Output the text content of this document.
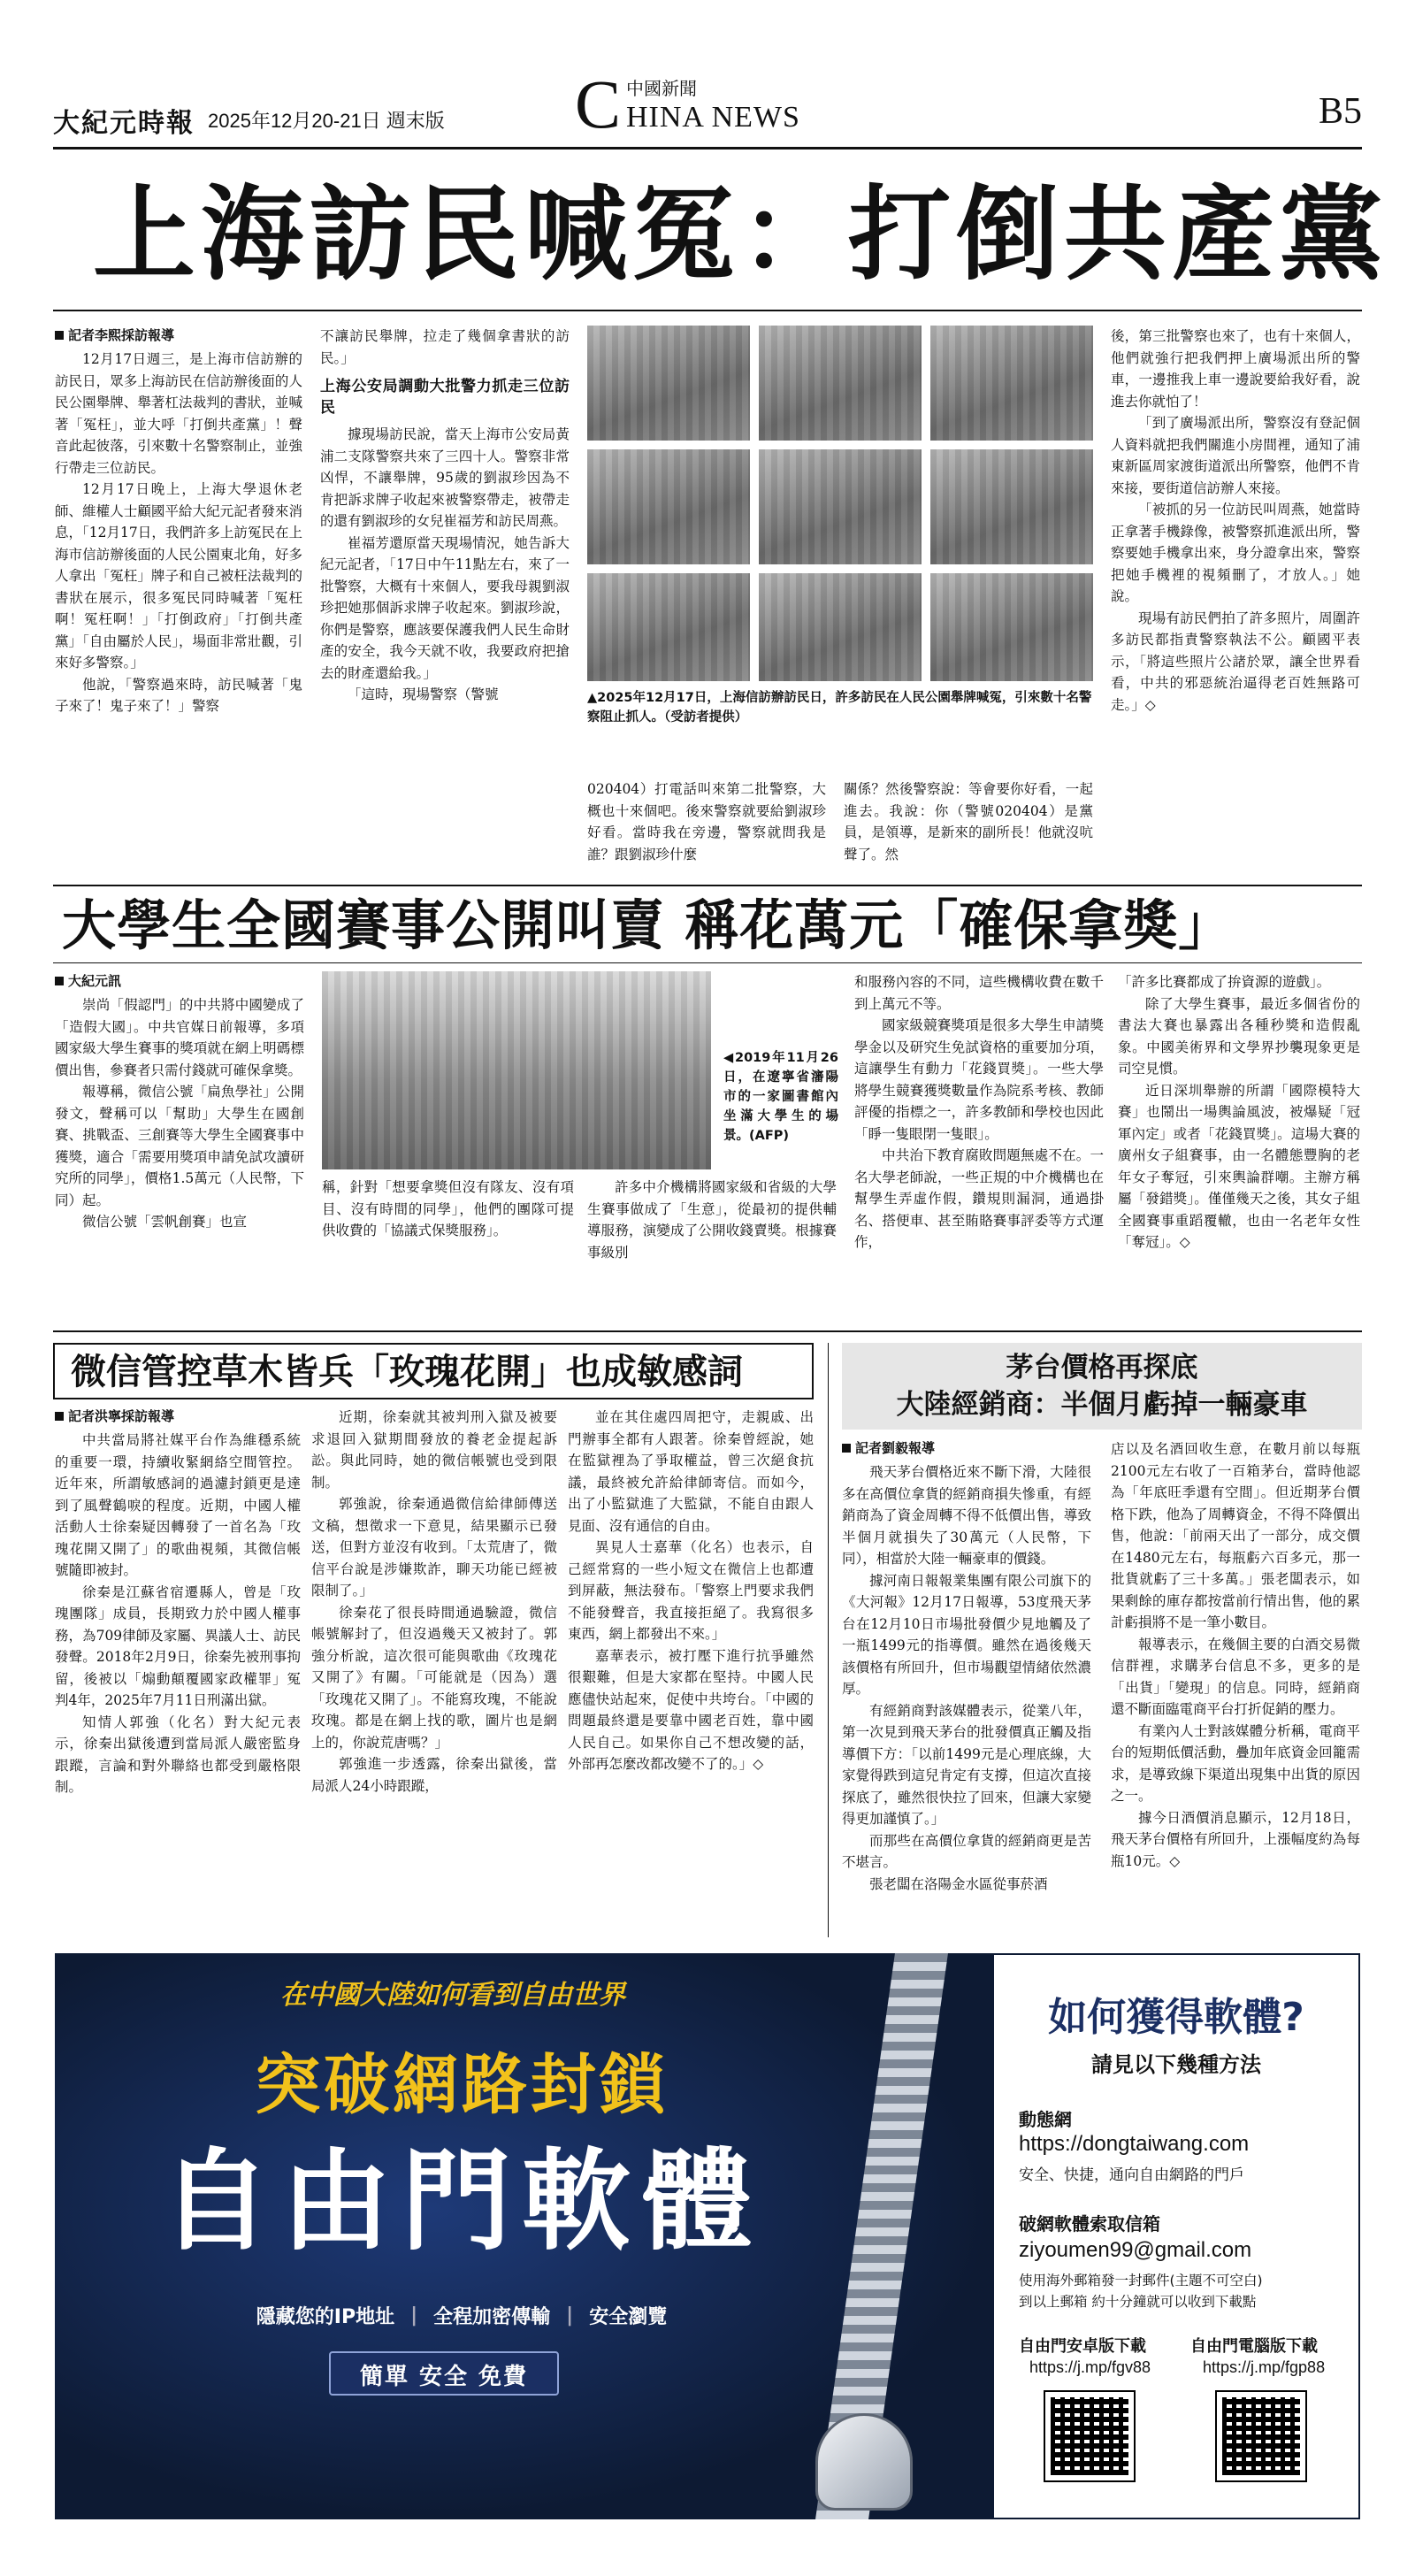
大紀元時報 2025年12月20-21日 週末版 C 中國新聞
HINA NEWS	B5
上海訪民喊冤：打倒共產黨
記者李熙採訪報導

12月17日週三，是上海市信訪辦的訪民日，眾多上海訪民在信訪辦後面的人民公園舉牌、舉著杠法裁判的書狀，並喊著「冤枉」，並大呼「打倒共產黨」！聲音此起彼落，引來數十名警察制止，並強行帶走三位訪民。

12月17日晚上，上海大學退休老師、維權人士顧國平給大紀元記者發來消息，「12月17日，我們許多上訪冤民在上海市信訪辦後面的人民公園東北角，好多人拿出「冤枉」牌子和自己被枉法裁判的書狀在展示，很多冤民同時喊著「冤枉啊！冤枉啊！」「打倒政府」「打倒共產黨」「自由屬於人民」，場面非常壯觀，引來好多警察。」

他說，「警察過來時，訪民喊著「鬼子來了！鬼子來了！」警察

不讓訪民舉牌，拉走了幾個拿書狀的訪民。」
上海公安局調動大批警力抓走三位訪民

據現場訪民說，當天上海市公安局黃浦二支隊警察共來了三四十人。警察非常凶悍，不讓舉牌，95歲的劉淑珍因為不肯把訴求牌子收起來被警察帶走，被帶走的還有劉淑珍的女兒崔福芳和訪民周燕。

崔福芳還原當天現場情況，她告訴大紀元記者，「17日中午11點左右，來了一批警察，大概有十來個人，要我母親劉淑珍把她那個訴求牌子收起來。劉淑珍說，你們是警察，應該要保護我們人民生命財產的安全，我今天就不收，我要政府把搶去的財產還給我。」

「這時，現場警察（警號	▲2025年12月17日，上海信訪辦訪民日，許多訪民在人民公園舉牌喊冤，引來數十名警察阻止抓人。（受訪者提供）
020404）打電話叫來第二批警察，大概也十來個吧。後來警察就要給劉淑珍好看。當時我在旁邊，警察就問我是誰？跟劉淑珍什麼
關係？然後警察說：等會要你好看，一起進去。我說：你（警號020404）是黨員，是領導，是新來的副所長！他就沒吭聲了。然
後，第三批警察也來了，也有十來個人，他們就強行把我們押上廣場派出所的警車，一邊推我上車一邊說要給我好看，說進去你就怕了！

「到了廣場派出所，警察沒有登記個人資料就把我們關進小房間裡，通知了浦東新區周家渡街道派出所警察，他們不肯來接，要街道信訪辦人來接。

「被抓的另一位訪民叫周燕，她當時正拿著手機錄像，被警察抓進派出所，警察要她手機拿出來，身分證拿出來，警察把她手機裡的視頻刪了，才放人。」她說。

現場有訪民們拍了許多照片，周圍許多訪民都指責警察執法不公。顧國平表示，「將這些照片公諸於眾，讓全世界看看，中共的邪惡統治逼得老百姓無路可走。」◇

大學生全國賽事公開叫賣 稱花萬元「確保拿獎」
大紀元訊

崇尚「假認門」的中共將中國變成了「造假大國」。中共官媒日前報導，多項國家級大學生賽事的獎項就在網上明碼標價出售，參賽者只需付錢就可確保拿獎。

報導稱，微信公號「扁魚學社」公開發文，聲稱可以「幫助」大學生在國創賽、挑戰盃、三創賽等大學生全國賽事中獲獎，適合「需要用獎項申請免試攻讀研究所的同學」，價格1.5萬元（人民幣，下同）起。

微信公號「雲帆創賽」也宣

◀2019年11月26日，在遼寧省瀋陽市的一家圖書館內坐滿大學生的場景。(AFP)
稱，針對「想要拿獎但沒有隊友、沒有項目、沒有時間的同學」，他們的團隊可提供收費的「協議式保獎服務」。

許多中介機構將國家級和省級的大學生賽事做成了「生意」，從最初的提供輔導服務，演變成了公開收錢賣獎。根據賽事級別

和服務內容的不同，這些機構收費在數千到上萬元不等。

國家級競賽獎項是很多大學生申請獎學金以及研究生免試資格的重要加分項，這讓學生有動力「花錢買獎」。一些大學將學生競賽獲獎數量作為院系考核、教師評優的指標之一，許多教師和學校也因此「睜一隻眼閉一隻眼」。

中共治下教育腐敗問題無處不在。一名大學老師說，一些正規的中介機構也在幫學生弄虛作假，鑽規則漏洞，通過掛名、搭便車、甚至賄賂賽事評委等方式運作，

「許多比賽都成了拚資源的遊戲」。

除了大學生賽事，最近多個省份的書法大賽也暴露出各種秒獎和造假亂象。中國美術界和文學界抄襲現象更是司空見慣。

近日深圳舉辦的所謂「國際模特大賽」也鬧出一場輿論風波，被爆疑「冠軍內定」或者「花錢買獎」。這場大賽的廣州女子組賽事，由一名體態豐胸的老年女子奪冠，引來輿論群嘲。主辦方稱屬「發錯獎」。僅僅幾天之後，其女子組全國賽事重蹈覆轍，也由一名老年女性「奪冠」。◇

微信管控草木皆兵「玫瑰花開」也成敏感詞
記者洪寧採訪報導

中共當局將社媒平台作為維穩系統的重要一環，持續收緊網絡空間管控。近年來，所謂敏感詞的過濾封鎖更是達到了風聲鶴唳的程度。近期，中國人權活動人士徐秦疑因轉發了一首名為「玫瑰花開又開了」的歌曲視頻，其微信帳號隨即被封。

徐秦是江蘇省宿遷縣人，曾是「玫瑰團隊」成員，長期致力於中國人權事務，為709律師及家屬、異議人士、訪民發聲。2018年2月9日，徐秦先被刑事拘留，後被以「煽動顛覆國家政權罪」冤判4年，2025年7月11日刑滿出獄。

知情人郭強（化名）對大紀元表示，徐秦出獄後遭到當局派人嚴密監身跟蹤，言論和對外聯絡也都受到嚴格限制。

近期，徐秦就其被判刑入獄及被要求退回入獄期間發放的養老金提起訴訟。與此同時，她的微信帳號也受到限制。

郭強說，徐秦通過微信給律師傳送文稿，想徵求一下意見，結果顯示已發送，但對方並沒有收到。「太荒唐了，微信平台說是涉嫌欺詐，聊天功能已經被限制了。」

徐秦花了很長時間通過驗證，微信帳號解封了，但沒過幾天又被封了。郭強分析說，這次很可能與歌曲《玫瑰花又開了》有關。「可能就是（因為）選「玫瑰花又開了」。不能寫玫瑰，不能說玫瑰。都是在網上找的歌，圖片也是網上的，你說荒唐嗎？」

郭強進一步透露，徐秦出獄後，當局派人24小時跟蹤，

並在其住處四周把守，走親戚、出門辦事全都有人跟著。徐秦曾經說，她在監獄裡為了爭取權益，曾三次絕食抗議，最終被允許給律師寄信。而如今，出了小監獄進了大監獄，不能自由跟人見面、沒有通信的自由。

異見人士嘉華（化名）也表示，自己經常寫的一些小短文在微信上也都遭到屏蔽，無法發布。「警察上門要求我們不能發聲音，我直接拒絕了。我寫很多東西，網上都發出不來。」

嘉華表示，被打壓下進行抗爭雖然很艱難，但是大家都在堅持。中國人民應儘快站起來，促使中共垮台。「中國的問題最終還是要靠中國老百姓，靠中國人民自己。如果你自己不想改變的話，外部再怎麼改都改變不了的。」◇

茅台價格再探底
大陸經銷商：半個月虧掉一輛豪車
記者劉毅報導

飛天茅台價格近來不斷下滑，大陸很多在高價位拿貨的經銷商損失慘重，有經銷商為了資金周轉不得不低價出售，導致半個月就損失了30萬元（人民幣，下同），相當於大陸一輛豪車的價錢。

據河南日報報業集團有限公司旗下的《大河報》12月17日報導，53度飛天茅台在12月10日市場批發價少見地觸及了一瓶1499元的指導價。雖然在過後幾天該價格有所回升，但市場觀望情緒依然濃厚。

有經銷商對該媒體表示，從業八年，第一次見到飛天茅台的批發價真正觸及指導價下方：「以前1499元是心理底線，大家覺得跌到這兒肯定有支撐，但這次直接探底了，雖然很快拉了回來，但讓大家變得更加謹慎了。」

而那些在高價位拿貨的經銷商更是苦不堪言。

張老闆在洛陽金水區從事菸酒

店以及名酒回收生意，在數月前以每瓶2100元左右收了一百箱茅台，當時他認為「年底旺季還有空間」。但近期茅台價格下跌，他為了周轉資金，不得不降價出售，他說：「前兩天出了一部分，成交價在1480元左右，每瓶虧六百多元，那一批貨就虧了三十多萬。」張老闆表示，如果剩餘的庫存都按當前行情出售，他的累計虧損將不是一筆小數目。

報導表示，在幾個主要的白酒交易微信群裡，求購茅台信息不多，更多的是「出貨」「變現」的信息。同時，經銷商還不斷面臨電商平台打折促銷的壓力。

有業內人士對該媒體分析稱，電商平台的短期低價活動，疊加年底資金回籠需求，是導致線下渠道出現集中出貨的原因之一。

據今日酒價消息顯示，12月18日，飛天茅台價格有所回升，上漲幅度約為每瓶10元。◇

在中國大陸如何看到自由世界
突破網路封鎖
自由門軟體
隱藏您的IP地址 | 全程加密傳輸 | 安全瀏覽
簡單 安全 免費
如何獲得軟體?
請見以下幾種方法
動態網
https://dongtaiwang.com
安全、快捷，通向自由網路的門戶
破網軟體索取信箱
ziyoumen99@gmail.com
使用海外郵箱發一封郵件(主題不可空白)
到以上郵箱 約十分鐘就可以收到下載點
自由門安卓版下載
https://j.mp/fgv88
自由門電腦版下載
https://j.mp/fgp88
